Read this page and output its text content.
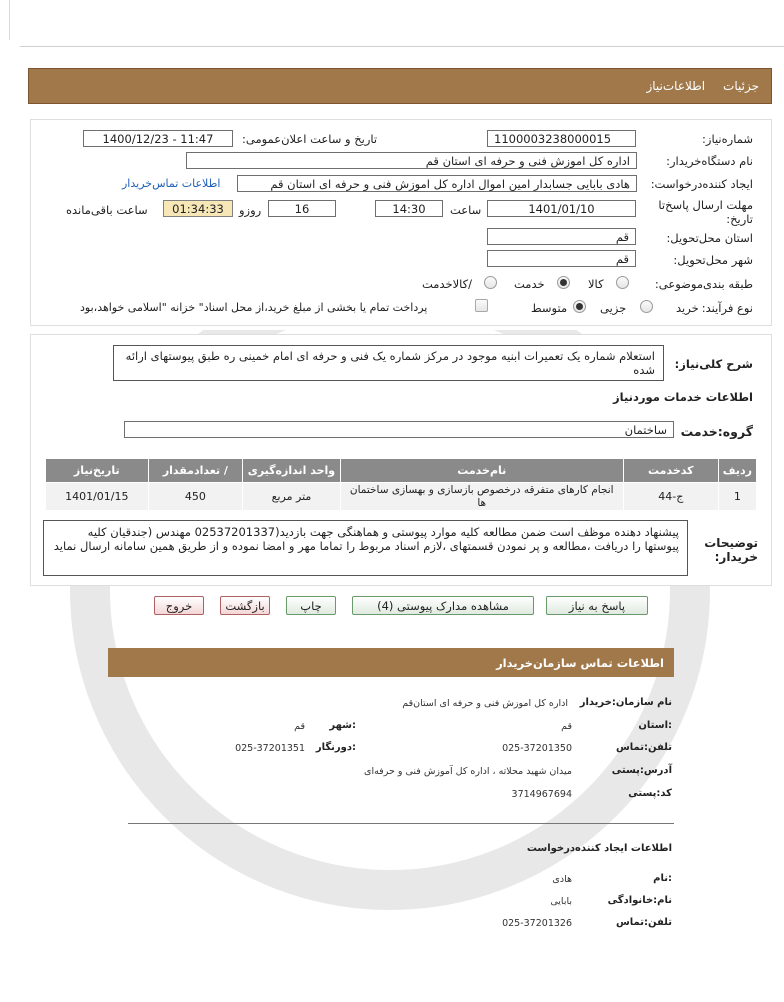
جزئیات
اطلاعات‌نیاز
شماره‌نیاز:
1100003238000015
تاریخ و ساعت اعلان‌عمومی:
1400/12/23 - 11:47
نام دستگاه‌خریدار:
اداره کل اموزش فنی و حرفه ای استان قم
ایجاد کننده‌درخواست:
هادی بابایی جسابدار امین اموال اداره کل اموزش فنی و حرفه ای استان قم
اطلاعات تماس‌خریدار
مهلت ارسال پاسخ‌تا تاریخ:
1401/01/10
ساعت
14:30
16
روز‌و
01:34:33
ساعت باقی‌مانده
استان محل‌تحویل:
قم
شهر محل‌تحویل:
قم
طبقه بندی‌موضوعی:
کالا
خدمت
/کالاخدمت
نوع فرآیند:
خرید
جزیی
متوسط
پرداخت تمام یا بخشی از مبلغ خرید،از محل اسناد" خزانه "اسلامی خواهد،بود
شرح کلی‌نیاز:
استعلام شماره یک تعمیرات ابنیه موجود در مرکز شماره یک فنی و حرفه ای امام خمینی ره طبق پیوستهای ارائه شده
اطلاعات خدمات موردنیاز
گروه‌:خدمت
ساختمان
ردیف	کدخدمت	نام‌خدمت	واحد اندازه‌گیری	/ تعدادمقدار	تاریخ‌نیاز
1	ج-44	انجام کارهای متفرقه درخصوص بازسازی و بهسازی ساختمان ها	متر مربع	450	1401/01/15
توضیحات خریدار:
پیشنهاد دهنده موظف است ضمن مطالعه کلیه موارد پیوستی و هماهنگی جهت بازدید(02537201337 مهندس (جندقیان کلیه پیوستها را دریافت ،مطالعه و پر نمودن قسمتهای ،لازم اسناد مربوط را تماما مهر و امضا نموده و از طریق همین سامانه ارسال نماید
پاسخ به نیاز
مشاهده مدارک پیوستی (4)
چاپ
بازگشت
خروج
اطلاعات تماس سازمان‌خریدار
نام سازمان:خریدار
اداره کل اموزش فنی و حرفه ای استان‌قم
:استان
قم
:شهر
قم
تلفن:تماس
025-37201350
:دورنگار
025-37201351
آدرس:پستی
میدان شهید محلاته ، اداره کل آموزش فنی و حرفه‌ای
کد:پستی
3714967694
اطلاعات ایجاد کننده‌درخواست
:نام
هادی
نام:خانوادگی
بابایی
تلفن:تماس
025-37201326
